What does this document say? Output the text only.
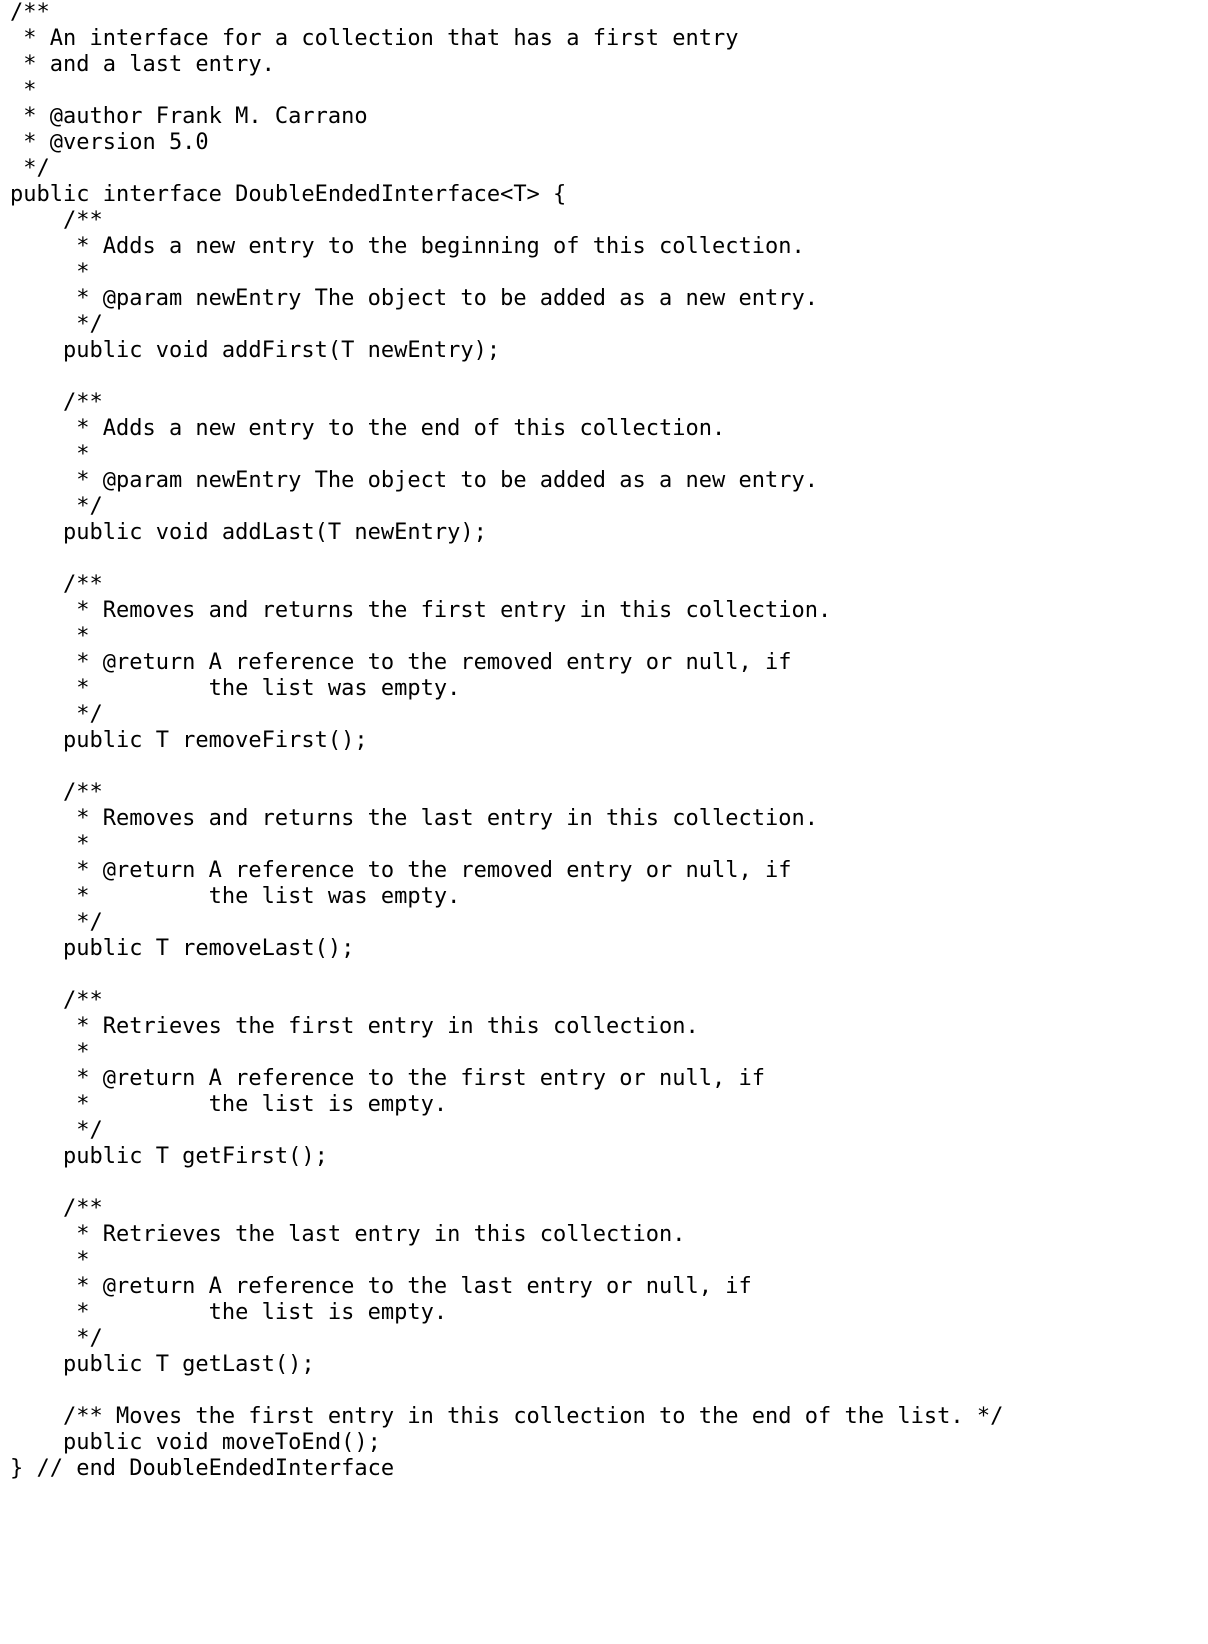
/**
* An interface for a collection that has a first entry
* and a last entry.
*
* @author Frank M. Carrano
* @version 5.0
*/
public interface DoubleEndedInterface<T> {
/**
* Adds a new entry to the beginning of this collection.
*
* @param newEntry The object to be added as a new entry.
*/
public void addFirst(T newEntry);
/**
* Adds a new entry to the end of this collection.
*
* @param newEntry The object to be added as a new entry.
*/
public void addLast(T newEntry);
/**
* Removes and returns the first entry in this collection.
*
* @return A reference to the removed entry or null, if
*         the list was empty.
*/
public T removeFirst();
/**
* Removes and returns the last entry in this collection.
*
* @return A reference to the removed entry or null, if
*         the list was empty.
*/
public T removeLast();
/**
* Retrieves the first entry in this collection.
*
* @return A reference to the first entry or null, if
*         the list is empty.
*/
public T getFirst();
/**
* Retrieves the last entry in this collection.
*
* @return A reference to the last entry or null, if
*         the list is empty.
*/
public T getLast();
/** Moves the first entry in this collection to the end of the list. */
public void moveToEnd();
} // end DoubleEndedInterface
